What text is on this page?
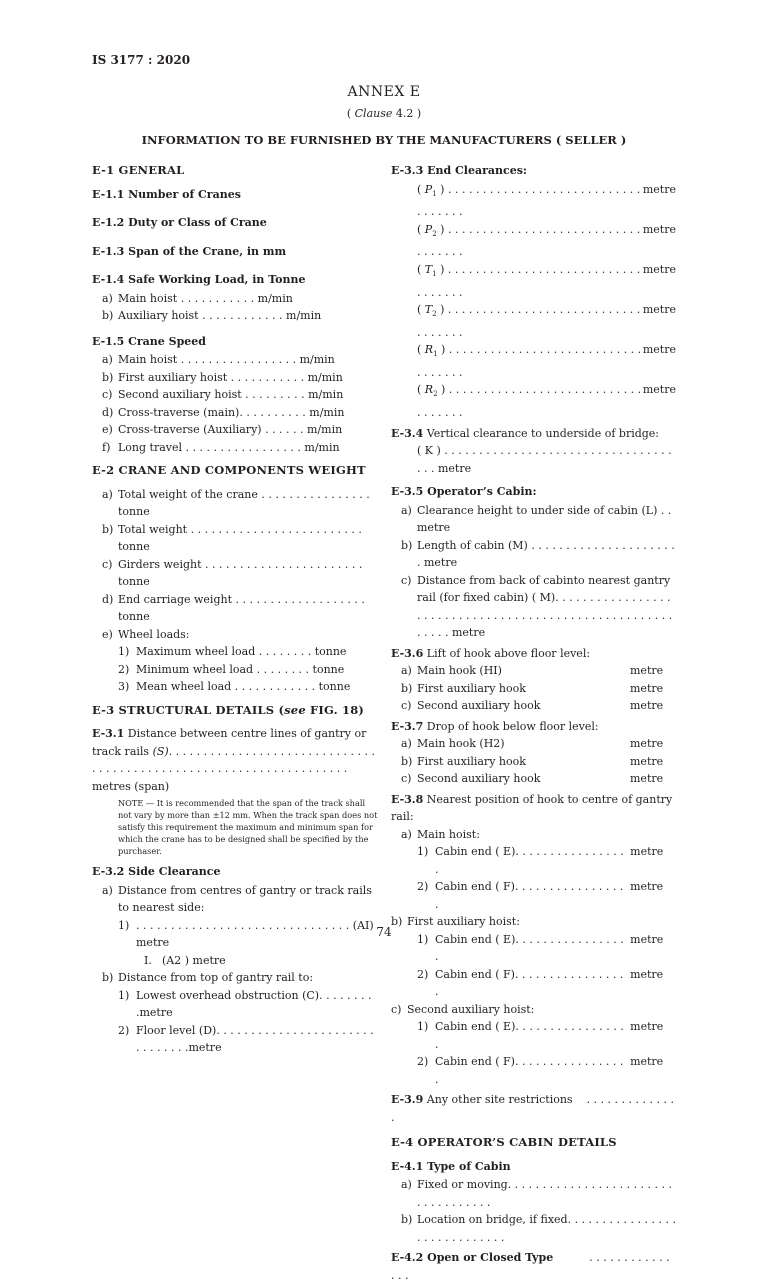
IS 3177 : 2020
ANNEX E
( Clause 4.2 )
INFORMATION TO BE FURNISHED BY THE MANUFACTURERS ( SELLER )
E-1 GENERAL
E-1.1 Number of Cranes
E-1.2 Duty or Class of Crane
E-1.3 Span of the Crane, in mm
E-1.4 Safe Working Load, in Tonne
a) Main hoist . . . . . . . . . . . m/min
b) Auxiliary hoist . . . . . . . . . . . . m/min
E-1.5 Crane Speed
a) Main hoist . . . . . . . . . . . . . . . . . m/min
b) First auxiliary hoist . . . . . . . . . . . m/min
c) Second auxiliary hoist . . . . . . . . . m/min
d) Cross-traverse (main). . . . . . . . . . m/min
e) Cross-traverse (Auxiliary) . . . . . . m/min
f) Long travel . . . . . . . . . . . . . . . . . m/min
E-2 CRANE AND COMPONENTS WEIGHT
a) Total weight of the crane . . . . . . . . . . . . . . . . tonne
b) Total weight . . . . . . . . . . . . . . . . . . . . . . . . . tonne
c) Girders weight . . . . . . . . . . . . . . . . . . . . . . . tonne
d) End carriage weight . . . . . . . . . . . . . . . . . . . tonne
e) Wheel loads:
1) Maximum wheel load . . . . . . . . tonne
2) Minimum wheel load . . . . . . . . tonne
3) Mean wheel load . . . . . . . . . . . . tonne
E-3 STRUCTURAL DETAILS (see FIG. 18)
E-3.1 Distance between centre lines of gantry or track rails (S). . . . . . . . . . . . . . . . . . . . . . . . . . . . . . . . . . . . . . . . . . . . . . . . . . . . . . . . . . . . . . . . . . . metres (span)
NOTE — It is recommended that the span of the track shall not vary by more than ±12 mm. When the track span does not satisfy this requirement the maximum and minimum span for which the crane has to be designed shall be specified by the purchaser.
E-3.2 Side Clearance
a) Distance from centres of gantry or track rails to nearest side:
1) . . . . . . . . . . . . . . . . . . . . . . . . . . . . . . . (AI) metre
I. (A2 ) metre
b) Distance from top of gantry rail to:
1) Lowest overhead obstruction (C). . . . . . . . .metre
2) Floor level (D). . . . . . . . . . . . . . . . . . . . . . . . . . . . . . .metre
E-3.3 End Clearances:
( $P_1$ ) . . . . . . . . . . . . . . . . . . . . . . . . . . . . . . . . . . .
metre
( $P_2$ ) . . . . . . . . . . . . . . . . . . . . . . . . . . . . . . . . . . .
metre
( $T_1$ ) . . . . . . . . . . . . . . . . . . . . . . . . . . . . . . . . . . .
metre
( $T_2$ ) . . . . . . . . . . . . . . . . . . . . . . . . . . . . . . . . . . .
metre
( $R_1$ ) . . . . . . . . . . . . . . . . . . . . . . . . . . . . . . . . . . .
metre
( $R_2$ ) . . . . . . . . . . . . . . . . . . . . . . . . . . . . . . . . . . .
metre
E-3.4 Vertical clearance to underside of bridge:
( K ) . . . . . . . . . . . . . . . . . . . . . . . . . . . . . . . . . . . . metre
E-3.5 Operator’s Cabin:
a) Clearance height to under side of cabin (L) . . metre
b) Length of cabin (M) . . . . . . . . . . . . . . . . . . . . . . metre
c) Distance from back of cabinto nearest gantry rail (for fixed cabin) ( M). . . . . . . . . . . . . . . . . . . . . . . . . . . . . . . . . . . . . . . . . . . . . . . . . . . . . . . . . . . metre
E-3.6 Lift of hook above floor level:
a) Main hook (HI)	metre
b) First auxiliary hook	metre
c) Second auxiliary hook	metre
E-3.7 Drop of hook below floor level:
a) Main hook (H2)	metre
b) First auxiliary hook	metre
c) Second auxiliary hook	metre
E-3.8 Nearest position of hook to centre of gantry rail:
a) Main hoist:
1) Cabin end ( E). . . . . . . . . . . . . . . . .
metre
2) Cabin end ( F). . . . . . . . . . . . . . . . .
metre
b) First auxiliary hoist:
1) Cabin end ( E). . . . . . . . . . . . . . . . .
metre
2) Cabin end ( F). . . . . . . . . . . . . . . . .
metre
c) Second auxiliary hoist:
1) Cabin end ( E). . . . . . . . . . . . . . . . .
metre
2) Cabin end ( F). . . . . . . . . . . . . . . . .
metre
E-3.9 Any other site restrictions . . . . . . . . . . . . . .
E-4 OPERATOR’S CABIN DETAILS
E-4.1 Type of Cabin
a) Fixed or moving. . . . . . . . . . . . . . . . . . . . . . . . . . . . . . . . . . .
b) Location on bridge, if fixed. . . . . . . . . . . . . . . . . . . . . . . . . . . . .
E-4.2 Open or Closed Type	. . . . . . . . . . . . . . .
74
